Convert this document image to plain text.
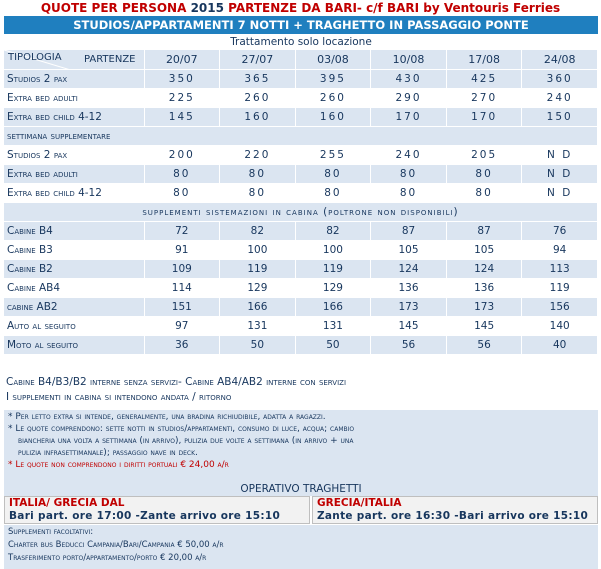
QUOTE PER PERSONA 2015 PARTENZE DA BARI- c/f BARI by Ventouris Ferries
STUDIOS/APPARTAMENTI 7 NOTTI + TRAGHETTO IN PASSAGGIO PONTE
Trattamento solo locazione
PARTENZE
TIPOLOGIA	20/07	27/07	03/08	10/08	17/08	24/08
Studios 2 pax	350	365	395	430	425	360
Extra bed adulti	225	260	260	290	270	240
Extra bed child 4-12	145	160	160	170	170	150
settimana supplementare						
Studios 2 pax	200	220	255	240	205	N D
Extra bed adulti	80	80	80	80	80	N D
Extra bed child 4-12	80	80	80	80	80	N D
supplementi sistemazioni in cabina (poltrone non disponibili)						
Cabine B4	72	82	82	87	87	76
Cabine B3	91	100	100	105	105	94
Cabine B2	109	119	119	124	124	113
Cabine AB4	114	129	129	136	136	119
cabine AB2	151	166	166	173	173	156
Auto al seguito	97	131	131	145	145	140
Moto al seguito	36	50	50	56	56	40
Cabine B4/B3/B2 interne senza servizi- Cabine AB4/AB2 interne con servizi
I supplementi in cabina si intendono andata / ritorno
* Per letto extra si intende, generalmente, una bradina richiudibile, adatta a ragazzi.
* Le quote comprendono: sette notti in studios/appartamenti, consumo di luce, acqua; cambio
biancheria una volta a settimana (in arrivo), pulizia due volte a settimana (in arrivo + una
pulizia infrasettimanale); passaggio nave in deck.
* Le quote non comprendono i diritti portuali € 24,00 a/r
OPERATIVO TRAGHETTI
ITALIA/ GRECIA DAL
Bari part. ore 17:00 -Zante arrivo ore 15:10
GRECIA/ITALIA
Zante part. ore 16:30 -Bari arrivo ore 15:10
Supplementi facoltativi:
Charter bus Beducci Campania/Bari/Campania € 50,00 a/r
Trasferimento porto/appartamento/porto € 20,00 a/r
